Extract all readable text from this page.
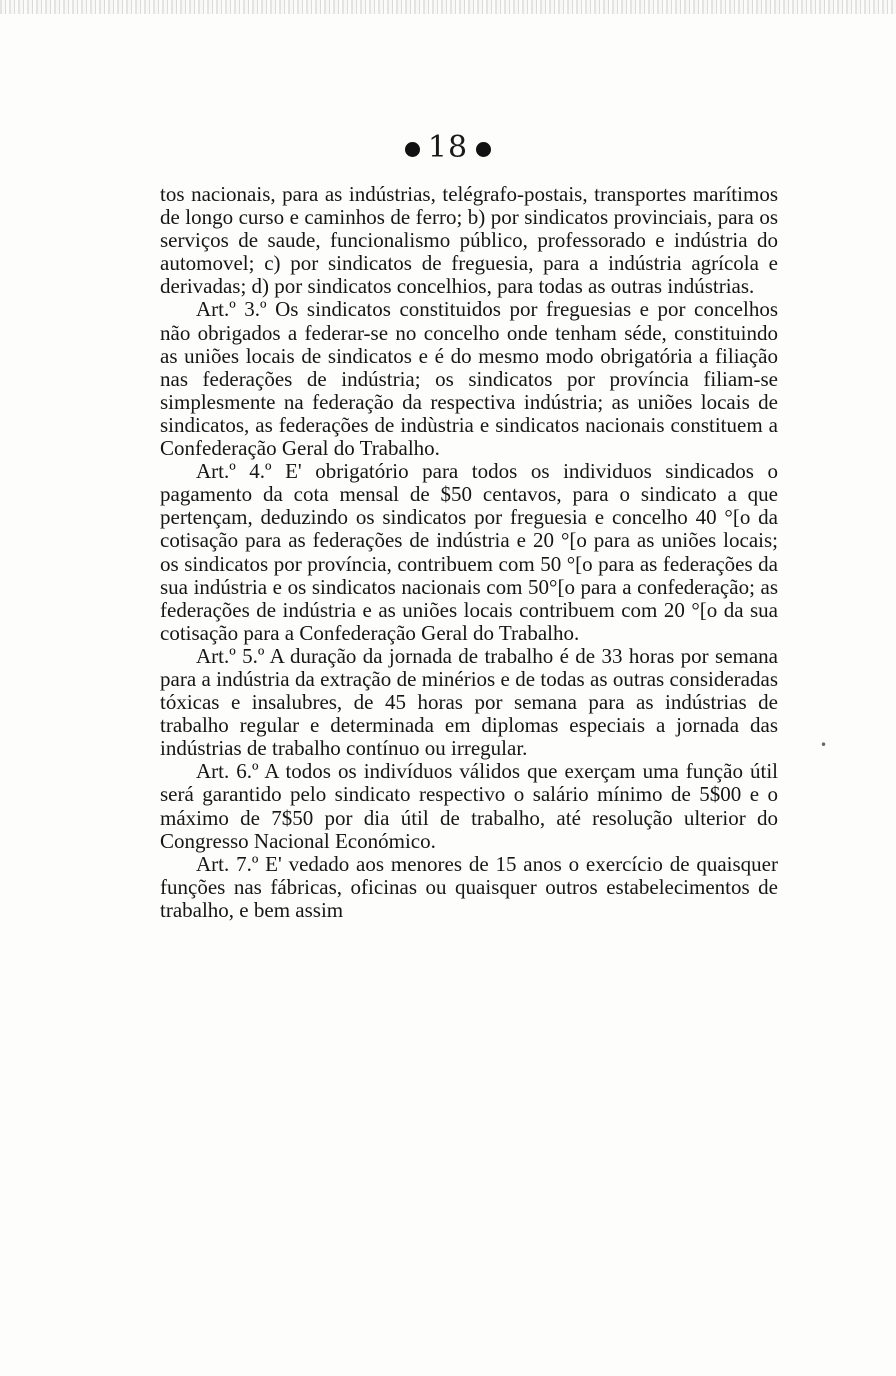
18

tos nacionais, para as indústrias, telégrafo-postais, transportes marítimos de longo curso e caminhos de ferro; b) por sindicatos provinciais, para os serviços de saude, funcionalismo público, professorado e indústria do automovel; c) por sindicatos de freguesia, para a indústria agrícola e derivadas; d) por sindicatos concelhios, para todas as outras indústrias.

Art.º 3.º Os sindicatos constituidos por freguesias e por concelhos não obrigados a federar-se no concelho onde tenham séde, constituindo as uniões locais de sindicatos e é do mesmo modo obrigatória a filiação nas federações de indústria; os sindicatos por província filiam-se simplesmente na federação da respectiva indústria; as uniões locais de sindicatos, as federações de indùstria e sindicatos nacionais constituem a Confederação Geral do Trabalho.

Art.º 4.º E' obrigatório para todos os individuos sindicados o pagamento da cota mensal de $50 centavos, para o sindicato a que pertençam, deduzindo os sindicatos por freguesia e concelho 40 °[o da cotisação para as federações de indústria e 20 °[o para as uniões locais; os sindicatos por província, contribuem com 50 °[o para as federações da sua indústria e os sindicatos nacionais com 50°[o para a confederação; as federações de indústria e as uniões locais contribuem com 20 °[o da sua cotisação para a Confederação Geral do Trabalho.

Art.º 5.º A duração da jornada de trabalho é de 33 horas por semana para a indústria da extração de minérios e de todas as outras consideradas tóxicas e insalubres, de 45 horas por semana para as indústrias de trabalho regular e determinada em diplomas especiais a jornada das indústrias de trabalho contínuo ou irregular.

Art. 6.º A todos os indivíduos válidos que exerçam uma função útil será garantido pelo sindicato respectivo o salário mínimo de 5$00 e o máximo de 7$50 por dia útil de trabalho, até resolução ulterior do Congresso Nacional Económico.

Art. 7.º E' vedado aos menores de 15 anos o exercício de quaisquer funções nas fábricas, oficinas ou quaisquer outros estabelecimentos de trabalho, e bem assim

•
